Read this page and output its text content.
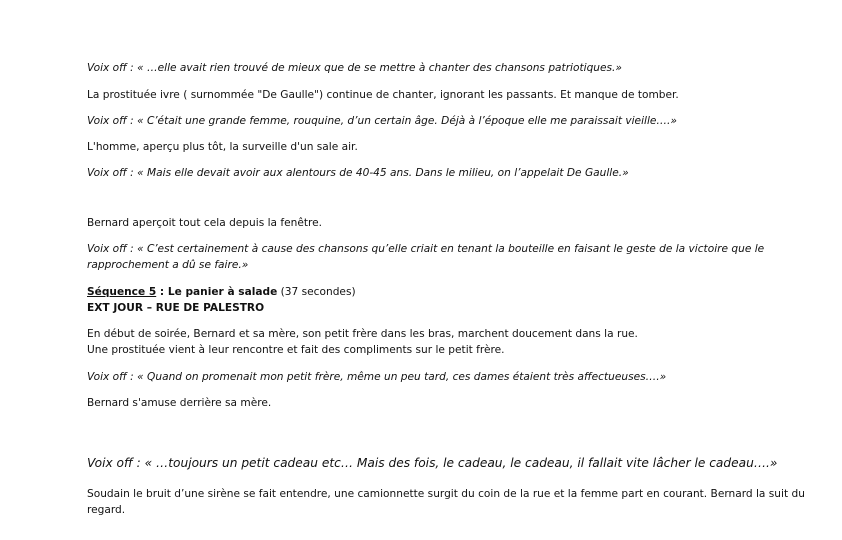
Voix off : « …elle avait rien trouvé de mieux que de se mettre à chanter des chansons patriotiques.»
La prostituée ivre ( surnommée "De Gaulle") continue de chanter, ignorant les passants. Et manque de tomber.
Voix off : « C’était une grande femme, rouquine, d’un certain âge. Déjà à l’époque elle me paraissait vieille….»
L'homme, aperçu plus tôt, la surveille d'un sale air.
Voix off : « Mais elle devait avoir aux alentours de 40-45 ans. Dans le milieu, on l’appelait De Gaulle.»
Bernard aperçoit tout cela depuis la fenêtre.
Voix off : « C’est certainement à cause des chansons qu’elle criait en tenant la bouteille en faisant le geste de la victoire que le
rapprochement a dû se faire.»
Séquence 5 : Le panier à salade (37 secondes)
EXT JOUR – RUE DE PALESTRO
En début de soirée, Bernard et sa mère, son petit frère dans les bras, marchent doucement dans la rue.
Une prostituée vient à leur rencontre et fait des compliments sur le petit frère.
Voix off : « Quand on promenait mon petit frère, même un peu tard, ces dames étaient très affectueuses….»
Bernard s'amuse derrière sa mère.
Voix off : « …toujours un petit cadeau etc… Mais des fois, le cadeau, le cadeau, il fallait vite lâcher le cadeau….»
Soudain le bruit d’une sirène se fait entendre, une camionnette surgit du coin de la rue et la femme part en courant. Bernard la suit du
regard.
